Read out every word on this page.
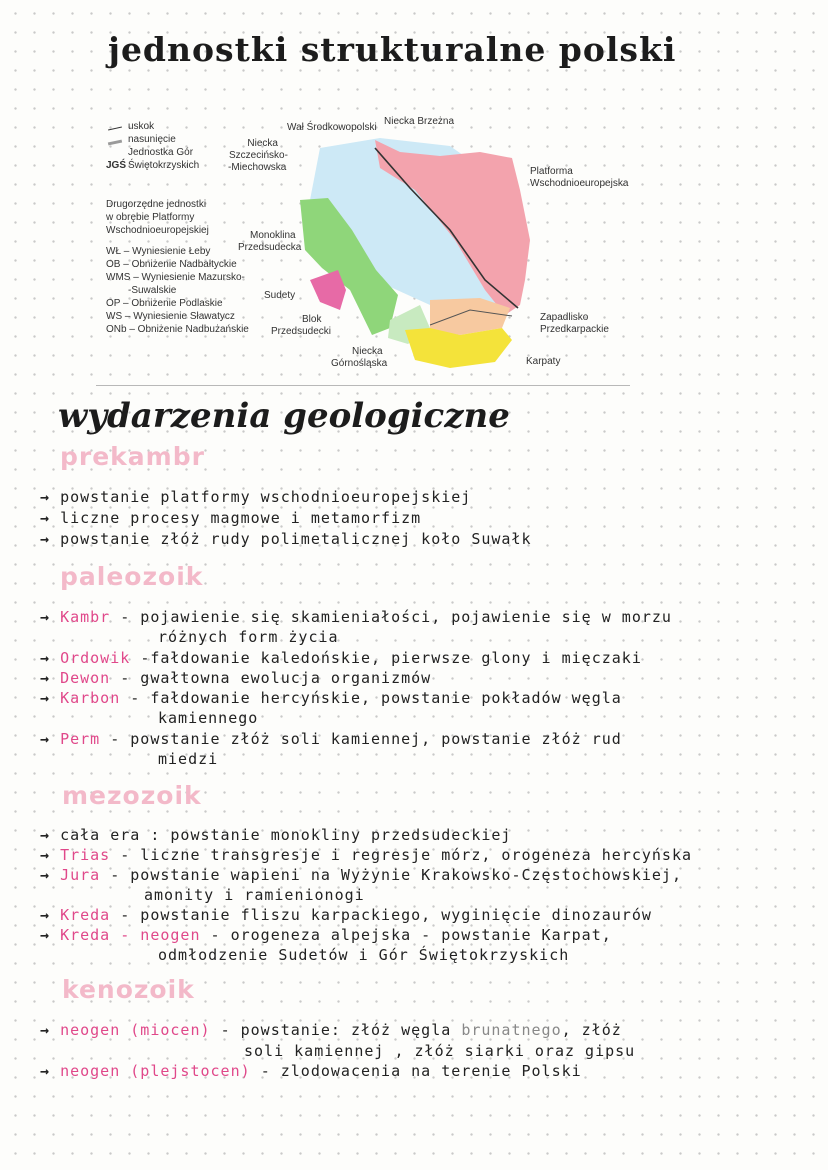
jednostki strukturalne polski
uskok
nasunięcie
Jednostka Gór
JGŚ Świętokrzyskich
Drugorzędne jednostki
w obrębie Platformy
Wschodnioeuropejskiej
WŁ – Wyniesienie Łeby
OB – Obniżenie Nadbałtyckie
WMS – Wyniesienie Mazursko-
-Suwalskie
OP – Obniżenie Podlaskie
WS – Wyniesienie Sławatycz
ONb – Obniżenie Nadbużańskie
Wał Środkowopolski
Niecka Brzeżna
Niecka
Szczecińsko-
-Miechowska	Platforma
Wschodnioeuropejska
Monoklina
Przedsudecka
Sudety
Blok
Przedsudecki
Zapadlisko
Przedkarpackie
Niecka
Górnośląska	Karpaty
wydarzenia geologiczne
prekambr
→ powstanie platformy wschodnioeuropejskiej
→ liczne procesy magmowe i metamorfizm
→ powstanie złóż rudy polimetalicznej koło Suwałk
paleozoik
→ Kambr - pojawienie się skamieniałości, pojawienie się w morzu
różnych form życia
→ Ordowik -fałdowanie kaledońskie, pierwsze glony i mięczaki
→ Dewon - gwałtowna ewolucja organizmów
→ Karbon - fałdowanie hercyńskie, powstanie pokładów węgla
kamiennego
→ Perm - powstanie złóż soli kamiennej, powstanie złóż rud
miedzi
mezozoik
→ cała era : powstanie monokliny przedsudeckiej
→ Trias - liczne transgresje i regresje mórz, orogeneza hercyńska
→ Jura - powstanie wapieni na Wyżynie Krakowsko-Częstochowskiej,
amonity i ramienionogi
→ Kreda - powstanie fliszu karpackiego, wyginięcie dinozaurów
→ Kreda - neogen - orogeneza alpejska - powstanie Karpat,
odmłodzenie Sudetów i Gór Świętokrzyskich
kenozoik
→ neogen (miocen) - powstanie: złóż węgla brunatnego, złóż
soli kamiennej , złóż siarki oraz gipsu
→ neogen (plejstocen) - zlodowacenia na terenie Polski
